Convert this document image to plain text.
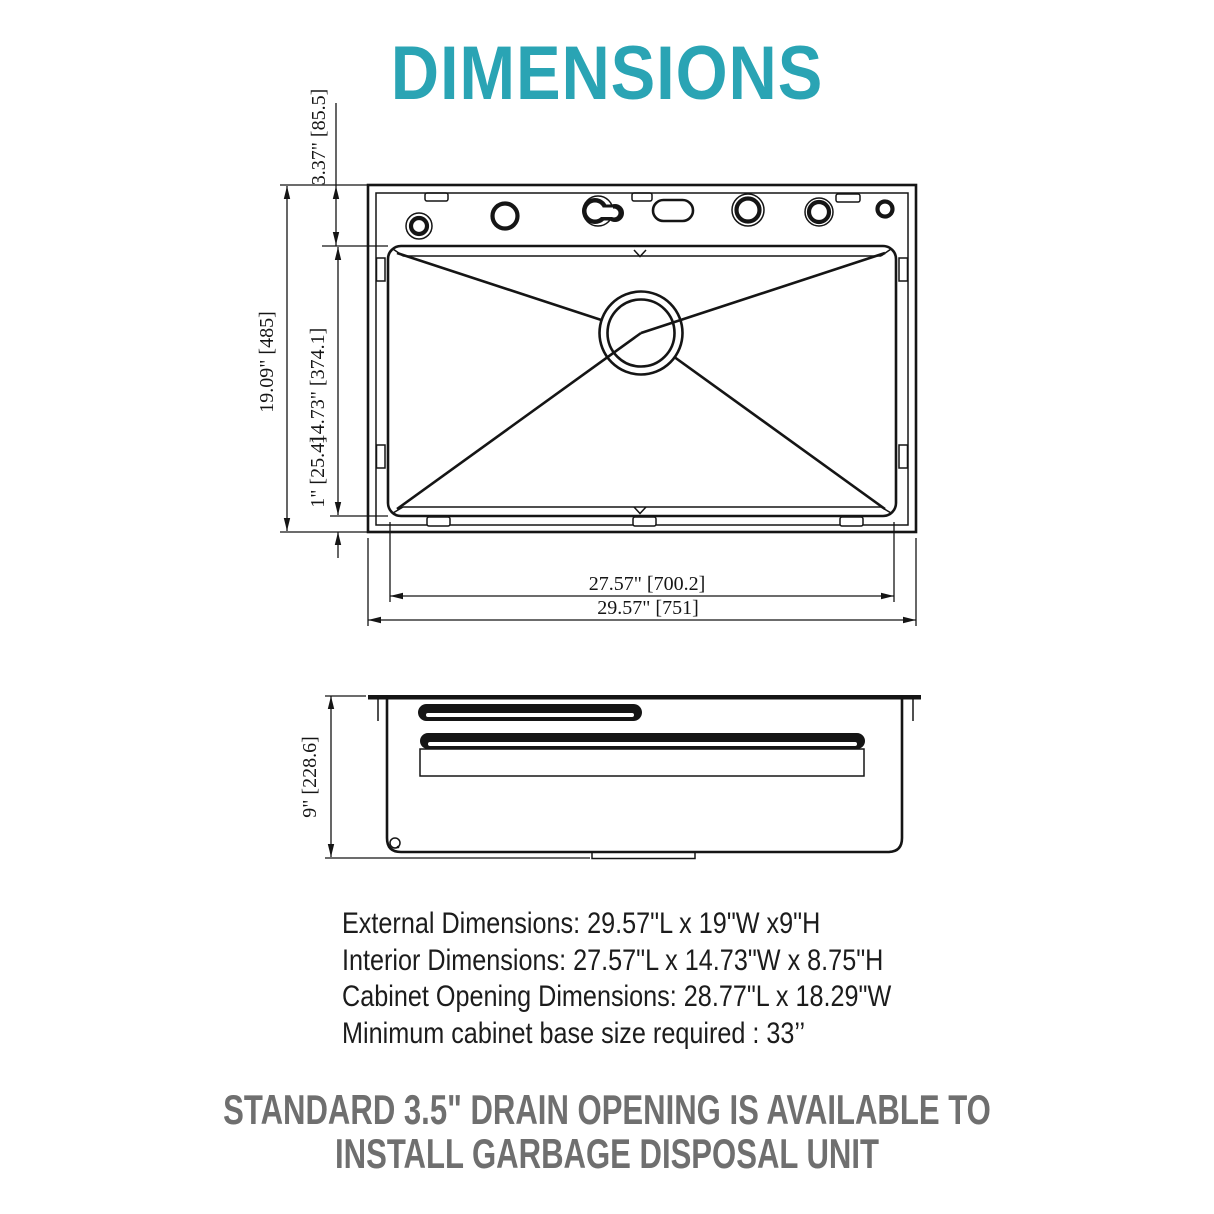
DIMENSIONS
3.37" [85.5]
19.09" [485] 14.73" [374.1]
1" [25.4]
27.57" [700.2]
29.57" [751]
9" [228.6]
External Dimensions: 29.57"L x 19"W x9"H
Interior Dimensions: 27.57"L x 14.73"W x 8.75"H
Cabinet Opening Dimensions: 28.77"L x 18.29"W
Minimum cabinet base size required : 33’’
STANDARD 3.5" DRAIN OPENING IS AVAILABLE TO
INSTALL GARBAGE DISPOSAL UNIT
